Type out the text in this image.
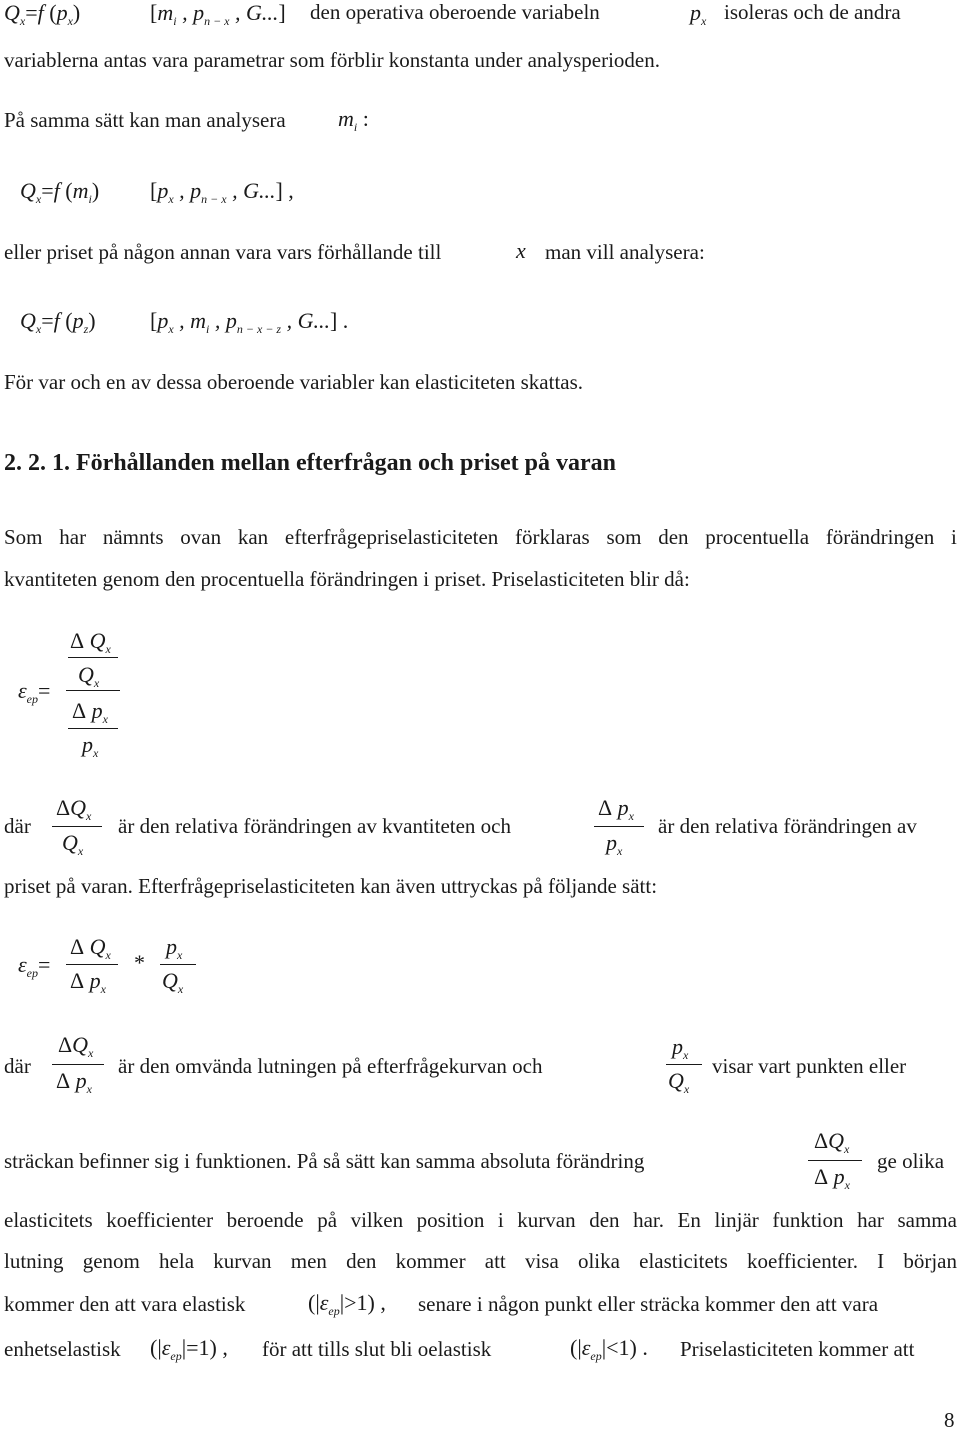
$Q_x=f$ $(p_x)$	[$m_i$ , $p_{n - x}$ , G...] den operativa oberoende variabeln	$p_x$ isoleras och de andra
variablerna antas vara parametrar som förblir konstanta under analysperioden.
På samma sätt kan man analysera $m_i$ :
$Q_x=f$ $(m_i)$ [$p_x$ , $p_{n - x}$ , G...] ,
eller priset på någon annan vara vars förhållande till	x man vill analysera:
$Q_x=f$ $(p_z)$ [$p_x$ , $m_i$ , $p_{n - x - z}$ , G...] .
För var och en av dessa oberoende variabler kan elasticiteten skattas.
2. 2. 1. Förhållanden mellan efterfrågan och priset på varan
Som har nämnts ovan kan efterfrågepriselasticiteten förklaras som den procentuella förändringen i
kvantiteten genom den procentuella förändringen i priset. Priselasticiteten blir då:
$\varepsilon_{ep}=$
Δ $Q_x$
$Q_x$
Δ $p_x$
$p_x$
där
$\Delta Q_x$
$Q_x$
är den relativa förändringen av kvantiteten och
Δ $p_x$
$p_x$
är den relativa förändringen av
priset på varan. Efterfrågepriselasticiteten kan även uttryckas på följande sätt:
$\varepsilon_{ep}=$
Δ $Q_x$
Δ $p_x$
*
$p_x$
$Q_x$
där
$\Delta Q_x$
Δ $p_x$
är den omvända lutningen på efterfrågekurvan och
$p_x$
$Q_x$
visar vart punkten eller
sträckan befinner sig i funktionen. På så sätt kan samma absoluta förändring
$\Delta Q_x$
Δ $p_x$
ge olika
elasticitets koefficienter beroende på vilken position i kurvan den har. En linjär funktion har samma
lutning genom hela kurvan men den kommer att visa olika elasticitets koefficienter. I början
kommer den att vara elastisk	$(|\varepsilon_{ep}|>1)$ , senare i någon punkt eller sträcka kommer den att vara
enhetselastisk $(|\varepsilon_{ep}|=1)$ , för att tills slut bli oelastisk	$(|\varepsilon_{ep}|<1)$ . Priselasticiteten kommer att
8
